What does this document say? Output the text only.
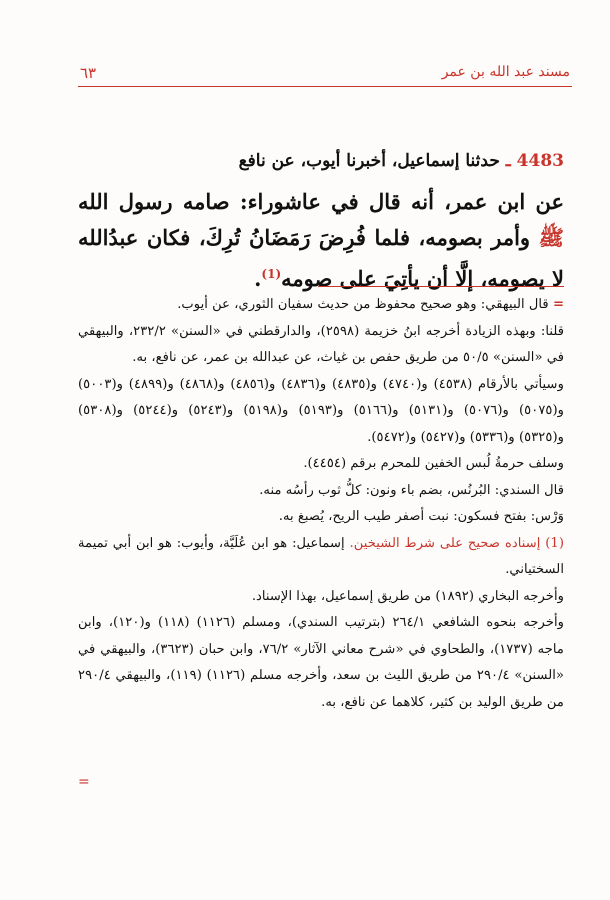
٦٣	مسند عبد الله بن عمر
4483 ـ حدثنا إسماعيل، أخبرنا أيوب، عن نافع
عن ابن عمر، أنه قال في عاشوراء: صامه رسول الله ﷺ وأمر بصومه، فلما فُرِضَ رَمَضَانُ تُرِكَ، فكان عبدُالله لا يصومه، إلَّا أن يأتِيَ على صومه$^{(1)}$.

= قال البيهقي: وهو صحيح محفوظ من حديث سفيان الثوري، عن أيوب.

قلنا: وبهذه الزيادة أخرجه ابنُ خزيمة (٢٥٩٨)، والدارقطني في «السنن» ٢٣٢/٢، والبيهقي في «السنن» ٥٠/٥ من طريق حفص بن غياث، عن عبدالله بن عمر، عن نافع، به.

وسيأتي بالأرقام (٤٥٣٨) و(٤٧٤٠) و(٤٨٣٥) و(٤٨٣٦) و(٤٨٥٦) و(٤٨٦٨) و(٤٨٩٩) و(٥٠٠٣) و(٥٠٧٥) و(٥٠٧٦) و(٥١٣١) و(٥١٦٦) و(٥١٩٣) و(٥١٩٨) و(٥٢٤٣) و(٥٢٤٤) و(٥٣٠٨) و(٥٣٢٥) و(٥٣٣٦) و(٥٤٢٧) و(٥٤٧٢).

وسلف حرمةُ لُبس الخفين للمحرم برقم (٤٤٥٤).

قال السندي: البُرنُس، بضم باء ونون: كلُّ ثوب رأسُه منه.

وَرْس: بفتح فسكون: نبت أصفر طيب الريح، يُصبغ به.

(1) إسناده صحيح على شرط الشيخين. إسماعيل: هو ابن عُلَيَّة، وأيوب: هو ابن أبي تميمة السختياني.

وأخرجه البخاري (١٨٩٢) من طريق إسماعيل، بهذا الإسناد.

وأخرجه بنحوه الشافعي ٢٦٤/١ (بترتيب السندي)، ومسلم (١١٢٦) (١١٨) و(١٢٠)، وابن ماجه (١٧٣٧)، والطحاوي في «شرح معاني الآثار» ٧٦/٢، وابن حبان (٣٦٢٣)، والبيهقي في «السنن» ٢٩٠/٤ من طريق الليث بن سعد، وأخرجه مسلم (١١٢٦) (١١٩)، والبيهقي ٢٩٠/٤ من طريق الوليد بن كثير، كلاهما عن نافع، به.

=
